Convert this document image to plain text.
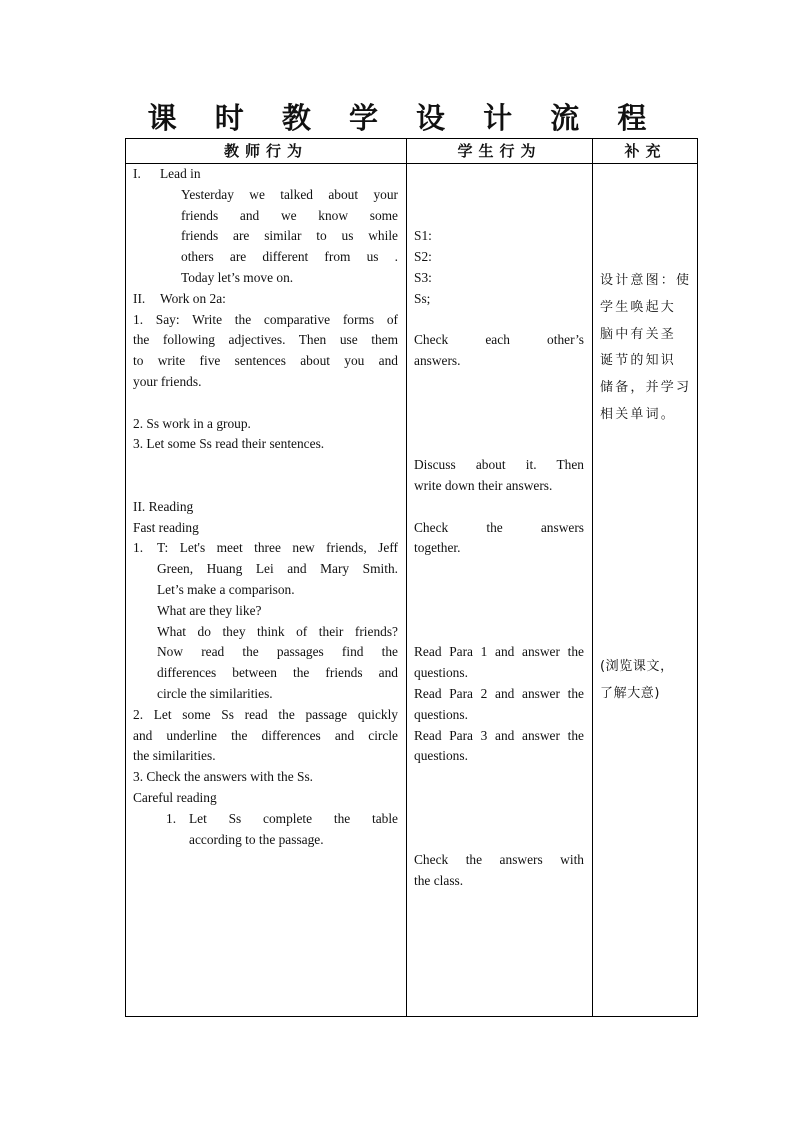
课 时 教 学 设 计 流 程
教师行为	学生行为	补充
I. Lead in
Yesterday we talked about your
friends and we know some
friends are similar to us while
others are different from us .
Today let’s move on.
II. Work on 2a:
1. Say: Write the comparative forms of
the following adjectives. Then use them
to write five sentences about you and
your friends.
2. Ss work in a group.
3. Let some Ss read their sentences.
II. Reading
Fast reading
1. T: Let's meet three new friends, Jeff
Green, Huang Lei and Mary Smith.
Let’s make a comparison.
What are they like?
What do they think of their friends?
Now read the passages find the
differences between the friends and
circle the similarities.
2. Let some Ss read the passage quickly
and underline the differences and circle
the similarities.
3. Check the answers with the Ss.
Careful reading
1. Let Ss complete the table
according to the passage.
S1:
S2:
S3:
Ss;
Check each other’s
answers.
Discuss about it. Then
write down their answers.
Check the answers
together.
Read Para 1 and answer the
questions.
Read Para 2 and answer the
questions.
Read Para 3 and answer the
questions.
Check the answers with
the class.
设计意图：使
学生唤起大
脑中有关圣
诞节的知识
储备，并学习
相关单词。
(浏览课文，
了解大意)
